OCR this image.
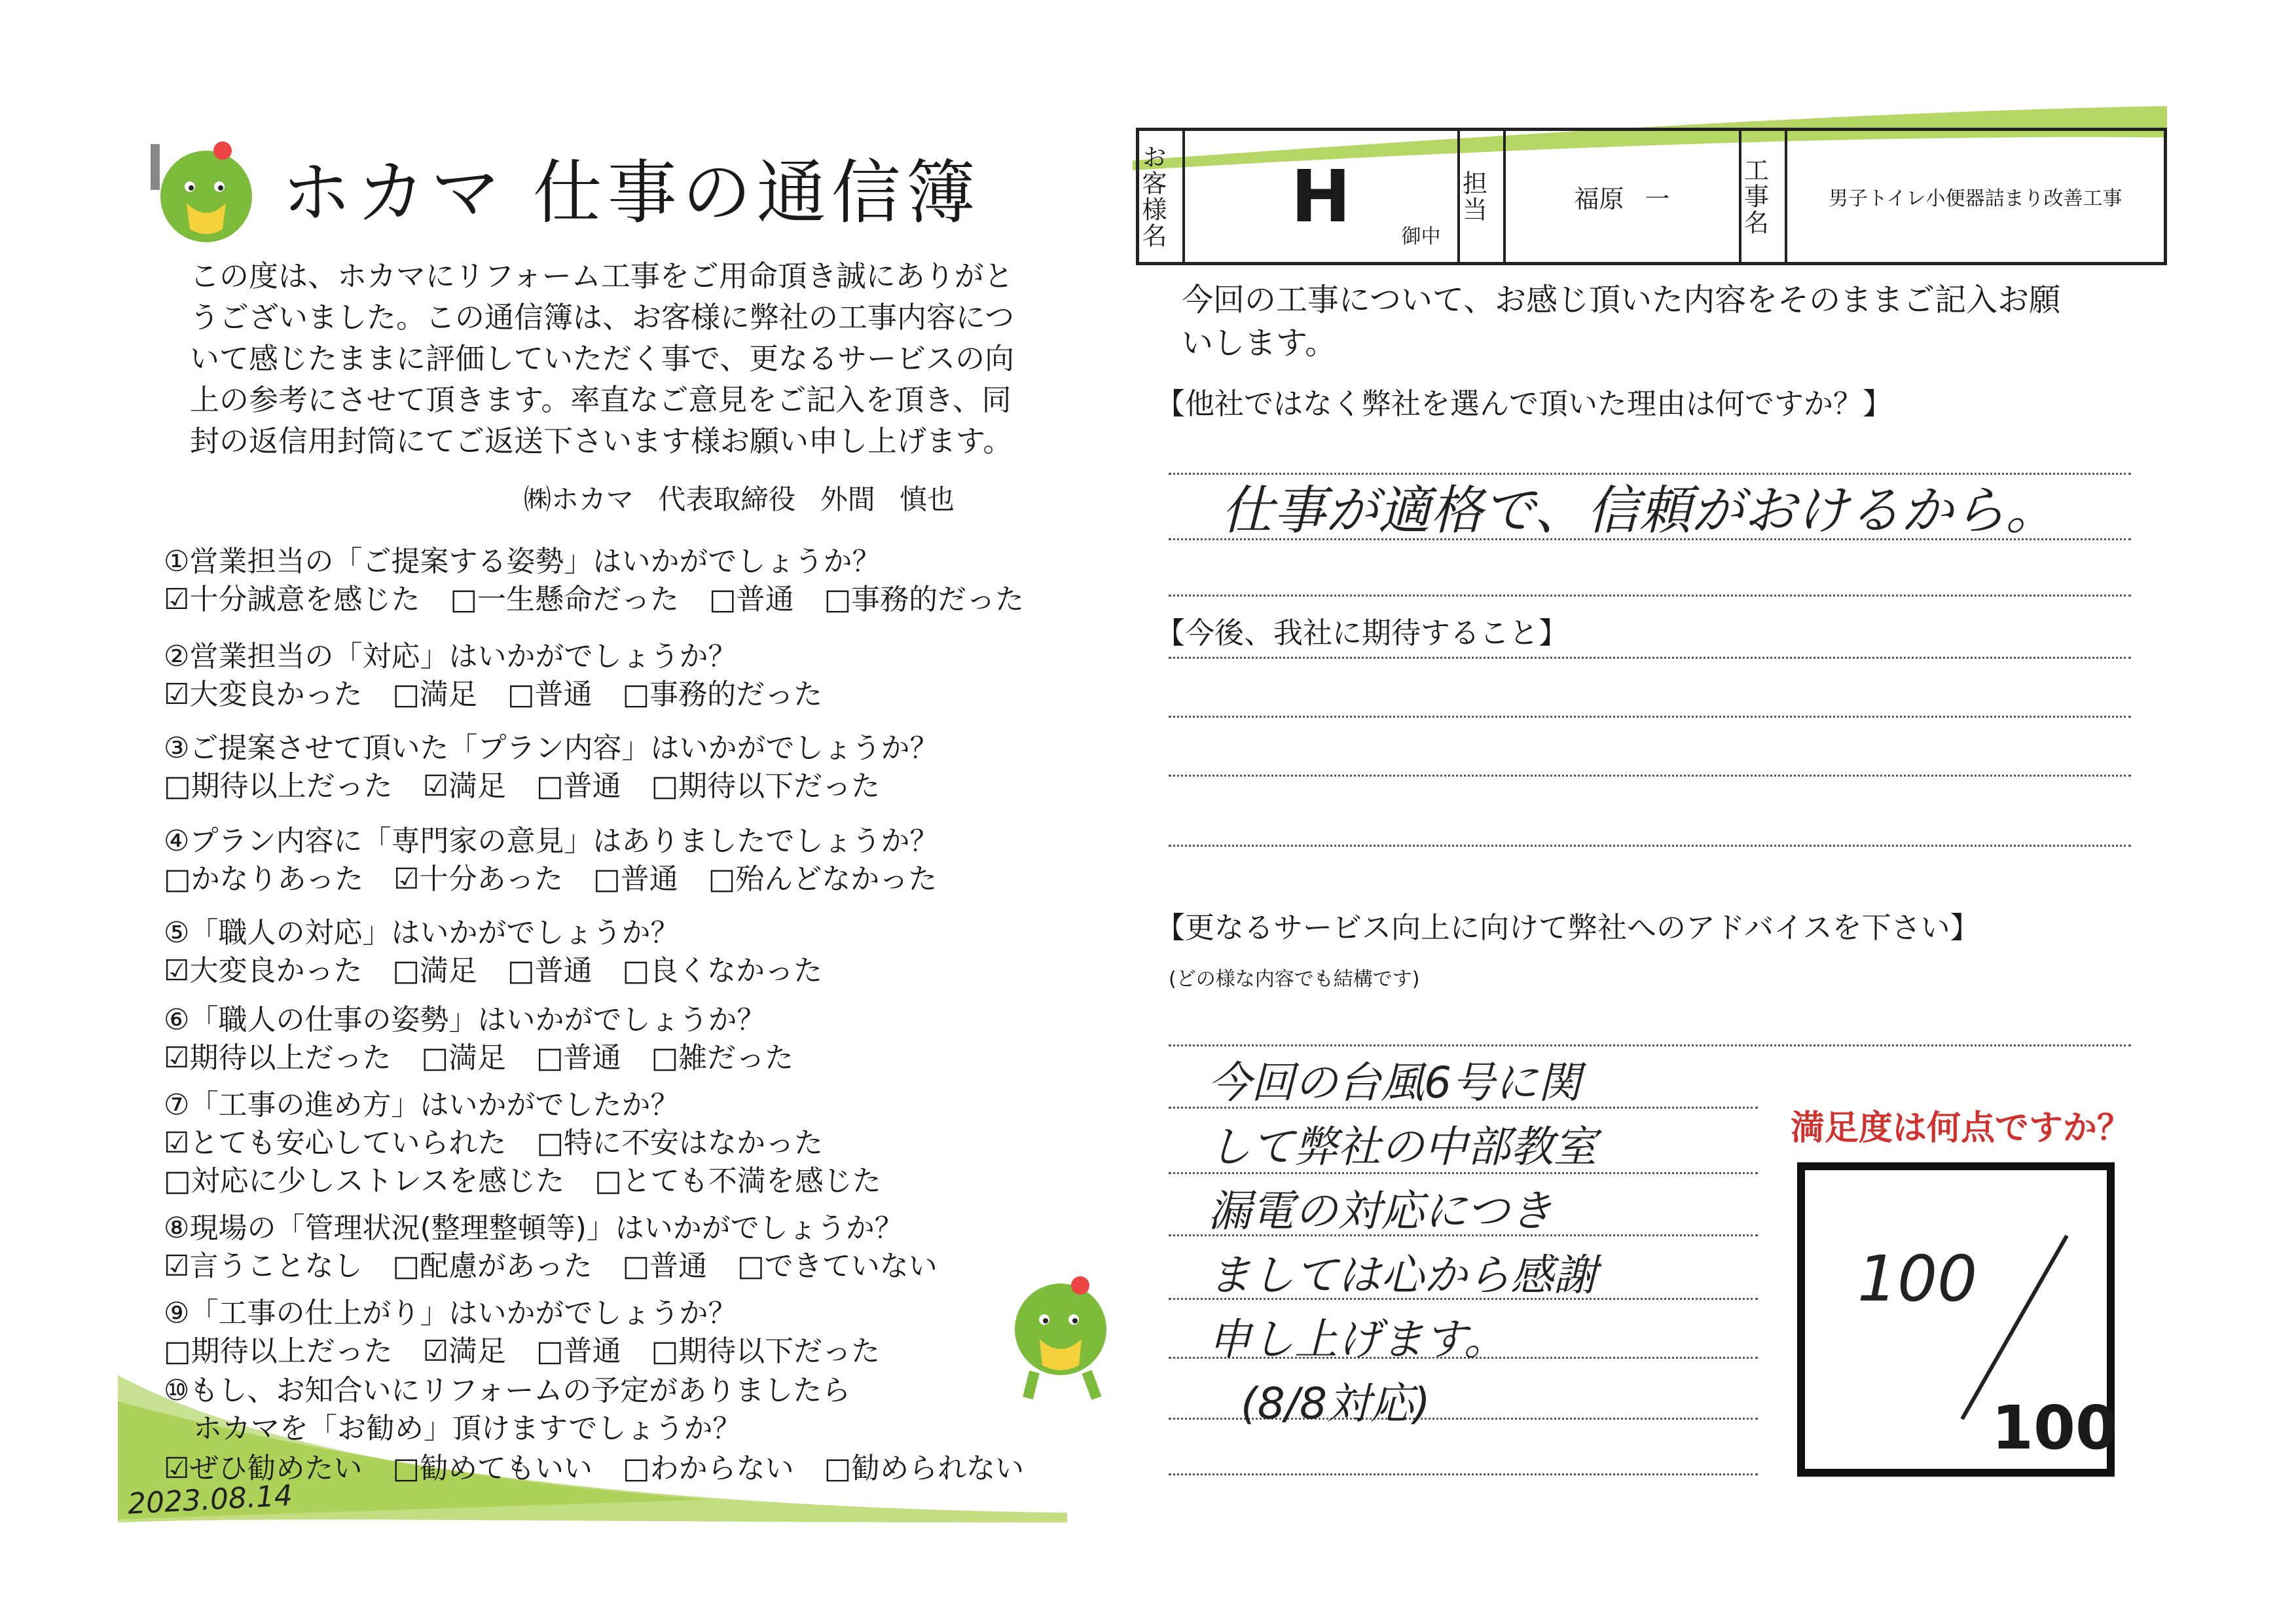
ホカマ 仕事の通信簿
この度は、ホカマにリフォーム工事をご用命頂き誠にありがとうございました。この通信簿は、お客様に弊社の工事内容について感じたままに評価していただく事で、更なるサービスの向上の参考にさせて頂きます。率直なご意見をご記入を頂き、同封の返信用封筒にてご返送下さいます様お願い申し上げます。
㈱ホカマ 代表取締役 外間 慎也
①営業担当の「ご提案する姿勢」はいかがでしょうか？
☑十分誠意を感じた □一生懸命だった □普通 □事務的だった
②営業担当の「対応」はいかがでしょうか？
☑大変良かった □満足 □普通 □事務的だった
③ご提案させて頂いた「プラン内容」はいかがでしょうか？
□期待以上だった ☑満足 □普通 □期待以下だった
④プラン内容に「専門家の意見」はありましたでしょうか？
□かなりあった ☑十分あった □普通 □殆んどなかった
⑤「職人の対応」はいかがでしょうか？
☑大変良かった □満足 □普通 □良くなかった
⑥「職人の仕事の姿勢」はいかがでしょうか？
☑期待以上だった □満足 □普通 □雑だった
⑦「工事の進め方」はいかがでしたか？
☑とても安心していられた □特に不安はなかった
□対応に少しストレスを感じた □とても不満を感じた
⑧現場の「管理状況(整理整頓等)」はいかがでしょうか？
☑言うことなし □配慮があった □普通 □できていない
⑨「工事の仕上がり」はいかがでしょうか？
□期待以上だった ☑満足 □普通 □期待以下だった
⑩もし、お知合いにリフォームの予定がありましたら
ホカマを「お勧め」頂けますでしょうか？
☑ぜひ勧めたい □勧めてもいい □わからない □勧められない
2023.08.14
お客様名	H	御中

担当	福原 一	工事名	男子トイレ小便器詰まり改善工事
今回の工事について、お感じ頂いた内容をそのままご記入お願いします。
【他社ではなく弊社を選んで頂いた理由は何ですか？】
仕事が適格で、信頼がおけるから。
【今後、我社に期待すること】
【更なるサービス向上に向けて弊社へのアドバイスを下さい】
(どの様な内容でも結構です)
今回の台風6号に関
して弊社の中部教室
漏電の対応につき
ましては心から感謝
申し上げます。
(8/8対応)
満足度は何点ですか？
100
100
